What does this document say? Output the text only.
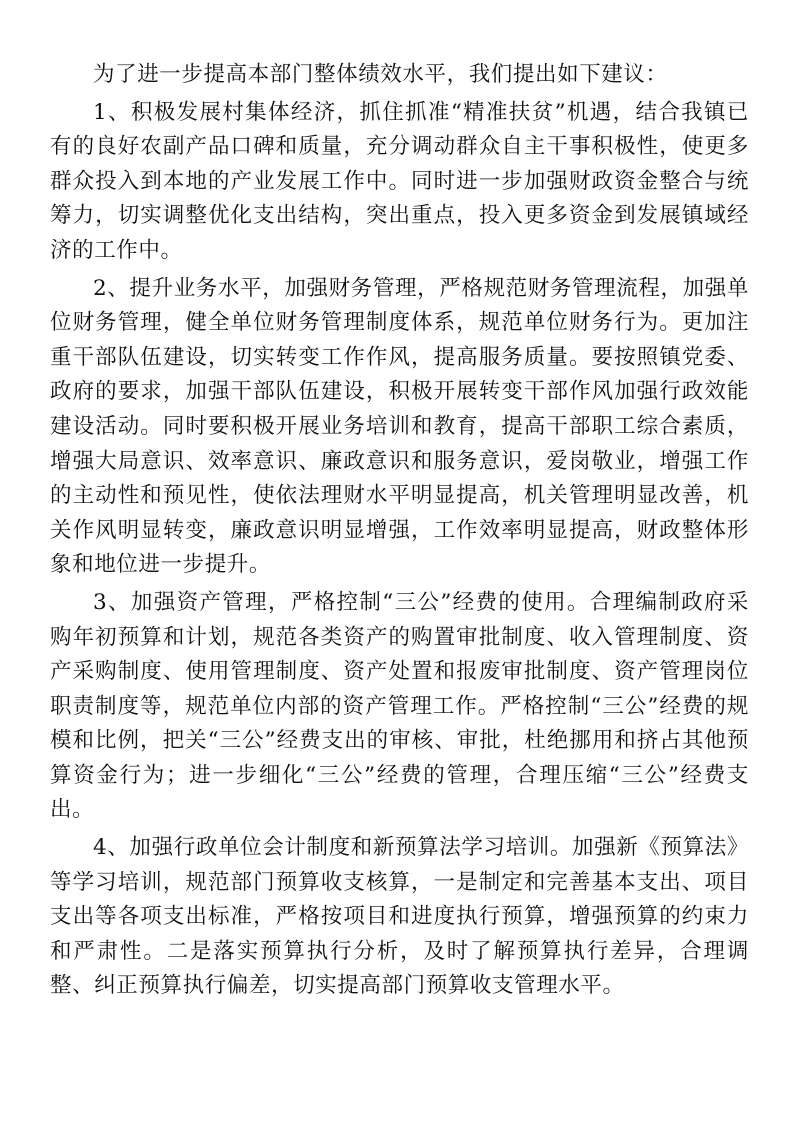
为了进一步提高本部门整体绩效水平，我们提出如下建议：

1、积极发展村集体经济，抓住抓准“精准扶贫”机遇，结合我镇已有的良好农副产品口碑和质量，充分调动群众自主干事积极性，使更多群众投入到本地的产业发展工作中。同时进一步加强财政资金整合与统筹力，切实调整优化支出结构，突出重点，投入更多资金到发展镇域经济的工作中。

2、提升业务水平，加强财务管理，严格规范财务管理流程，加强单位财务管理，健全单位财务管理制度体系，规范单位财务行为。更加注重干部队伍建设，切实转变工作作风，提高服务质量。要按照镇党委、政府的要求，加强干部队伍建设，积极开展转变干部作风加强行政效能建设活动。同时要积极开展业务培训和教育，提高干部职工综合素质，增强大局意识、效率意识、廉政意识和服务意识，爱岗敬业，增强工作的主动性和预见性，使依法理财水平明显提高，机关管理明显改善，机关作风明显转变，廉政意识明显增强，工作效率明显提高，财政整体形象和地位进一步提升。

3、加强资产管理，严格控制“三公”经费的使用。合理编制政府采购年初预算和计划，规范各类资产的购置审批制度、收入管理制度、资产采购制度、使用管理制度、资产处置和报废审批制度、资产管理岗位职责制度等，规范单位内部的资产管理工作。严格控制“三公”经费的规模和比例，把关“三公”经费支出的审核、审批，杜绝挪用和挤占其他预算资金行为；进一步细化“三公”经费的管理，合理压缩“三公”经费支出。

4、加强行政单位会计制度和新预算法学习培训。加强新《预算法》等学习培训，规范部门预算收支核算，一是制定和完善基本支出、项目支出等各项支出标准，严格按项目和进度执行预算，增强预算的约束力和严肃性。二是落实预算执行分析，及时了解预算执行差异，合理调整、纠正预算执行偏差，切实提高部门预算收支管理水平。
